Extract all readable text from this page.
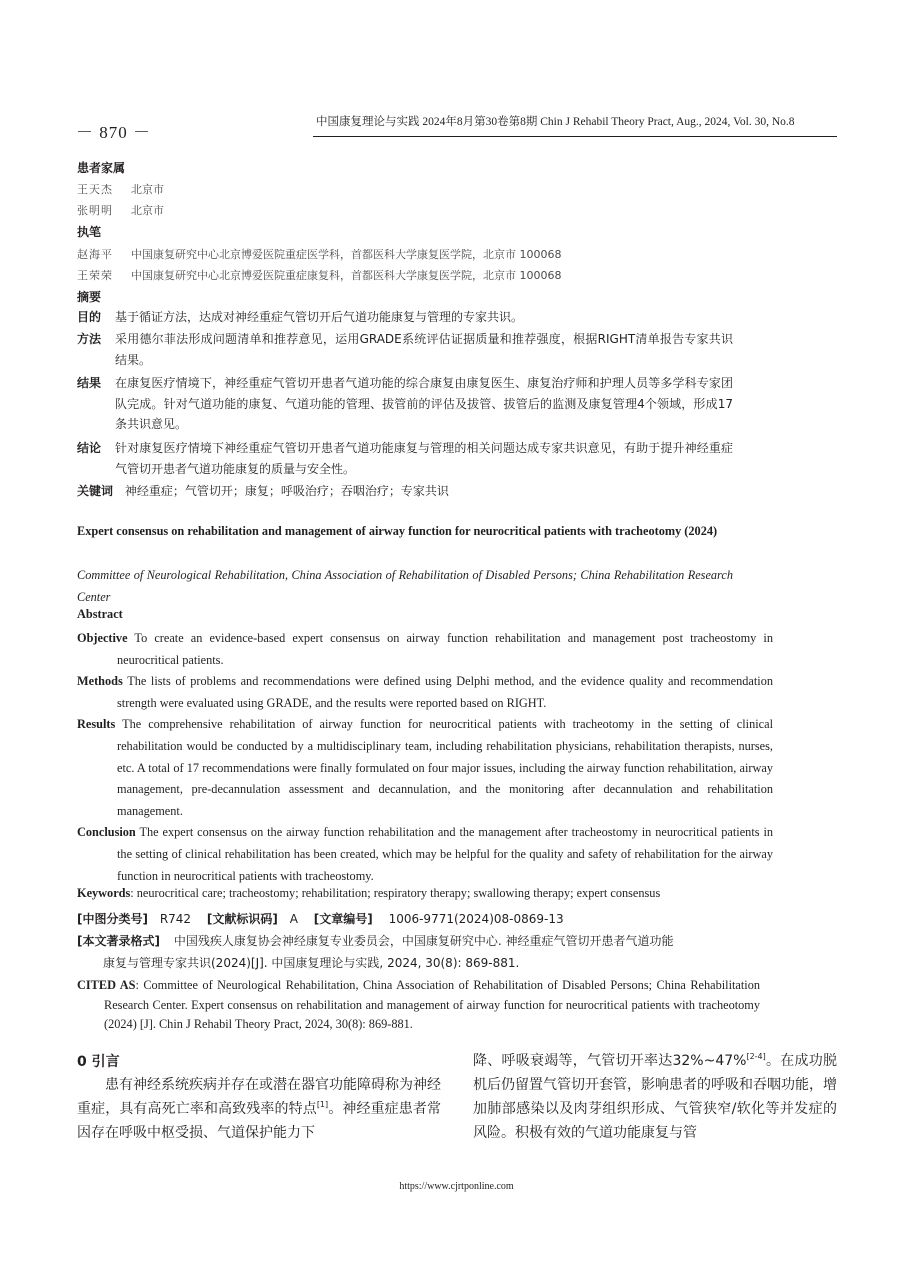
－ 870 －
中国康复理论与实践 2024年8月第30卷第8期 Chin J Rehabil Theory Pract, Aug., 2024, Vol. 30, No.8
患者家属
王天杰 北京市
张明明 北京市
执笔
赵海平 中国康复研究中心北京博爱医院重症医学科，首都医科大学康复医学院，北京市 100068
王荣荣 中国康复研究中心北京博爱医院重症康复科，首都医科大学康复医学院，北京市 100068
摘要
目的	基于循证方法，达成对神经重症气管切开后气道功能康复与管理的专家共识。
方法	采用德尔菲法形成问题清单和推荐意见，运用GRADE系统评估证据质量和推荐强度，根据RIGHT清单报告专家共识结果。
结果	在康复医疗情境下，神经重症气管切开患者气道功能的综合康复由康复医生、康复治疗师和护理人员等多学科专家团队完成。针对气道功能的康复、气道功能的管理、拔管前的评估及拔管、拔管后的监测及康复管理4个领域，形成17条共识意见。
结论	针对康复医疗情境下神经重症气管切开患者气道功能康复与管理的相关问题达成专家共识意见，有助于提升神经重症气管切开患者气道功能康复的质量与安全性。
关键词 神经重症；气管切开；康复；呼吸治疗；吞咽治疗；专家共识
Expert consensus on rehabilitation and management of airway function for neurocritical patients with tracheotomy (2024)
Committee of Neurological Rehabilitation, China Association of Rehabilitation of Disabled Persons; China Rehabilitation Research Center
Abstract
Objective To create an evidence-based expert consensus on airway function rehabilitation and management post tracheostomy in neurocritical patients.
Methods The lists of problems and recommendations were defined using Delphi method, and the evidence quality and recommendation strength were evaluated using GRADE, and the results were reported based on RIGHT.
Results The comprehensive rehabilitation of airway function for neurocritical patients with tracheotomy in the setting of clinical rehabilitation would be conducted by a multidisciplinary team, including rehabilitation physicians, rehabilitation therapists, nurses, etc. A total of 17 recommendations were finally formulated on four major issues, including the airway function rehabilitation, airway management, pre-decannulation assessment and decannulation, and the monitoring after decannulation and rehabilitation management.
Conclusion The expert consensus on the airway function rehabilitation and the management after tracheostomy in neurocritical patients in the setting of clinical rehabilitation has been created, which may be helpful for the quality and safety of rehabilitation for the airway function in neurocritical patients with tracheostomy.
Keywords: neurocritical care; tracheostomy; rehabilitation; respiratory therapy; swallowing therapy; expert consensus
[中图分类号] R742 [文献标识码] A [文章编号] 1006-9771(2024)08-0869-13
[本文著录格式] 中国残疾人康复协会神经康复专业委员会，中国康复研究中心. 神经重症气管切开患者气道功能
康复与管理专家共识(2024)[J]. 中国康复理论与实践, 2024, 30(8): 869-881.
CITED AS: Committee of Neurological Rehabilitation, China Association of Rehabilitation of Disabled Persons; China Rehabilitation Research Center. Expert consensus on rehabilitation and management of airway function for neurocritical patients with tracheotomy (2024) [J]. Chin J Rehabil Theory Pract, 2024, 30(8): 869-881.
0 引言
患有神经系统疾病并存在或潜在器官功能障碍称为神经重症，具有高死亡率和高致残率的特点[1]。神经重症患者常因存在呼吸中枢受损、气道保护能力下
降、呼吸衰竭等，气管切开率达32%~47%[2-4]。在成功脱机后仍留置气管切开套管，影响患者的呼吸和吞咽功能，增加肺部感染以及肉芽组织形成、气管狭窄/软化等并发症的风险。积极有效的气道功能康复与管
https://www.cjrtponline.com
